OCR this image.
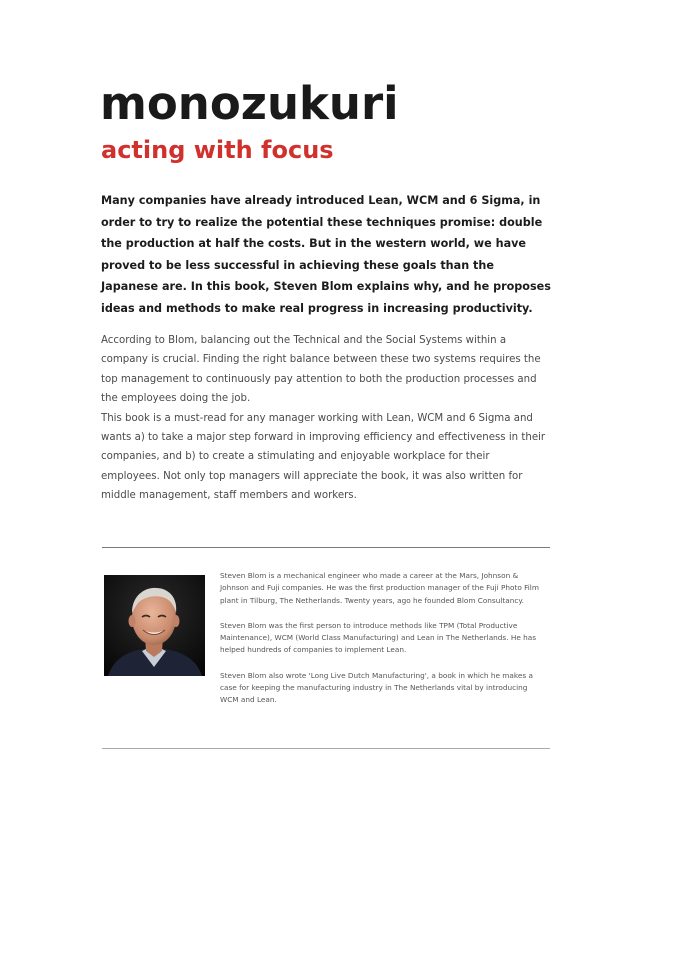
monozukuri
acting with focus

Many companies have already introduced Lean, WCM and 6 Sigma, in order to try to realize the potential these techniques promise: double the production at half the costs. But in the western world, we have proved to be less successful in achieving these goals than the Japanese are. In this book, Steven Blom explains why, and he proposes ideas and methods to make real progress in increasing productivity.

According to Blom, balancing out the Technical and the Social Systems within a company is crucial. Finding the right balance between these two systems requires the top management to continuously pay attention to both the production processes and the employees doing the job.

This book is a must-read for any manager working with Lean, WCM and 6 Sigma and wants a) to take a major step forward in improving efficiency and effectiveness in their companies, and b) to create a stimulating and enjoyable workplace for their employees. Not only top managers will appreciate the book, it was also written for middle management, staff members and workers.

Steven Blom is a mechanical engineer who made a career at the Mars, Johnson & Johnson and Fuji companies. He was the first production manager of the Fuji Photo Film plant in Tilburg, The Netherlands. Twenty years, ago he founded Blom Consultancy.

Steven Blom was the first person to introduce methods like TPM (Total Productive Maintenance), WCM (World Class Manufacturing) and Lean in The Netherlands. He has helped hundreds of companies to implement Lean.

Steven Blom also wrote 'Long Live Dutch Manufacturing', a book in which he makes a case for keeping the manufacturing industry in The Netherlands vital by introducing WCM and Lean.
